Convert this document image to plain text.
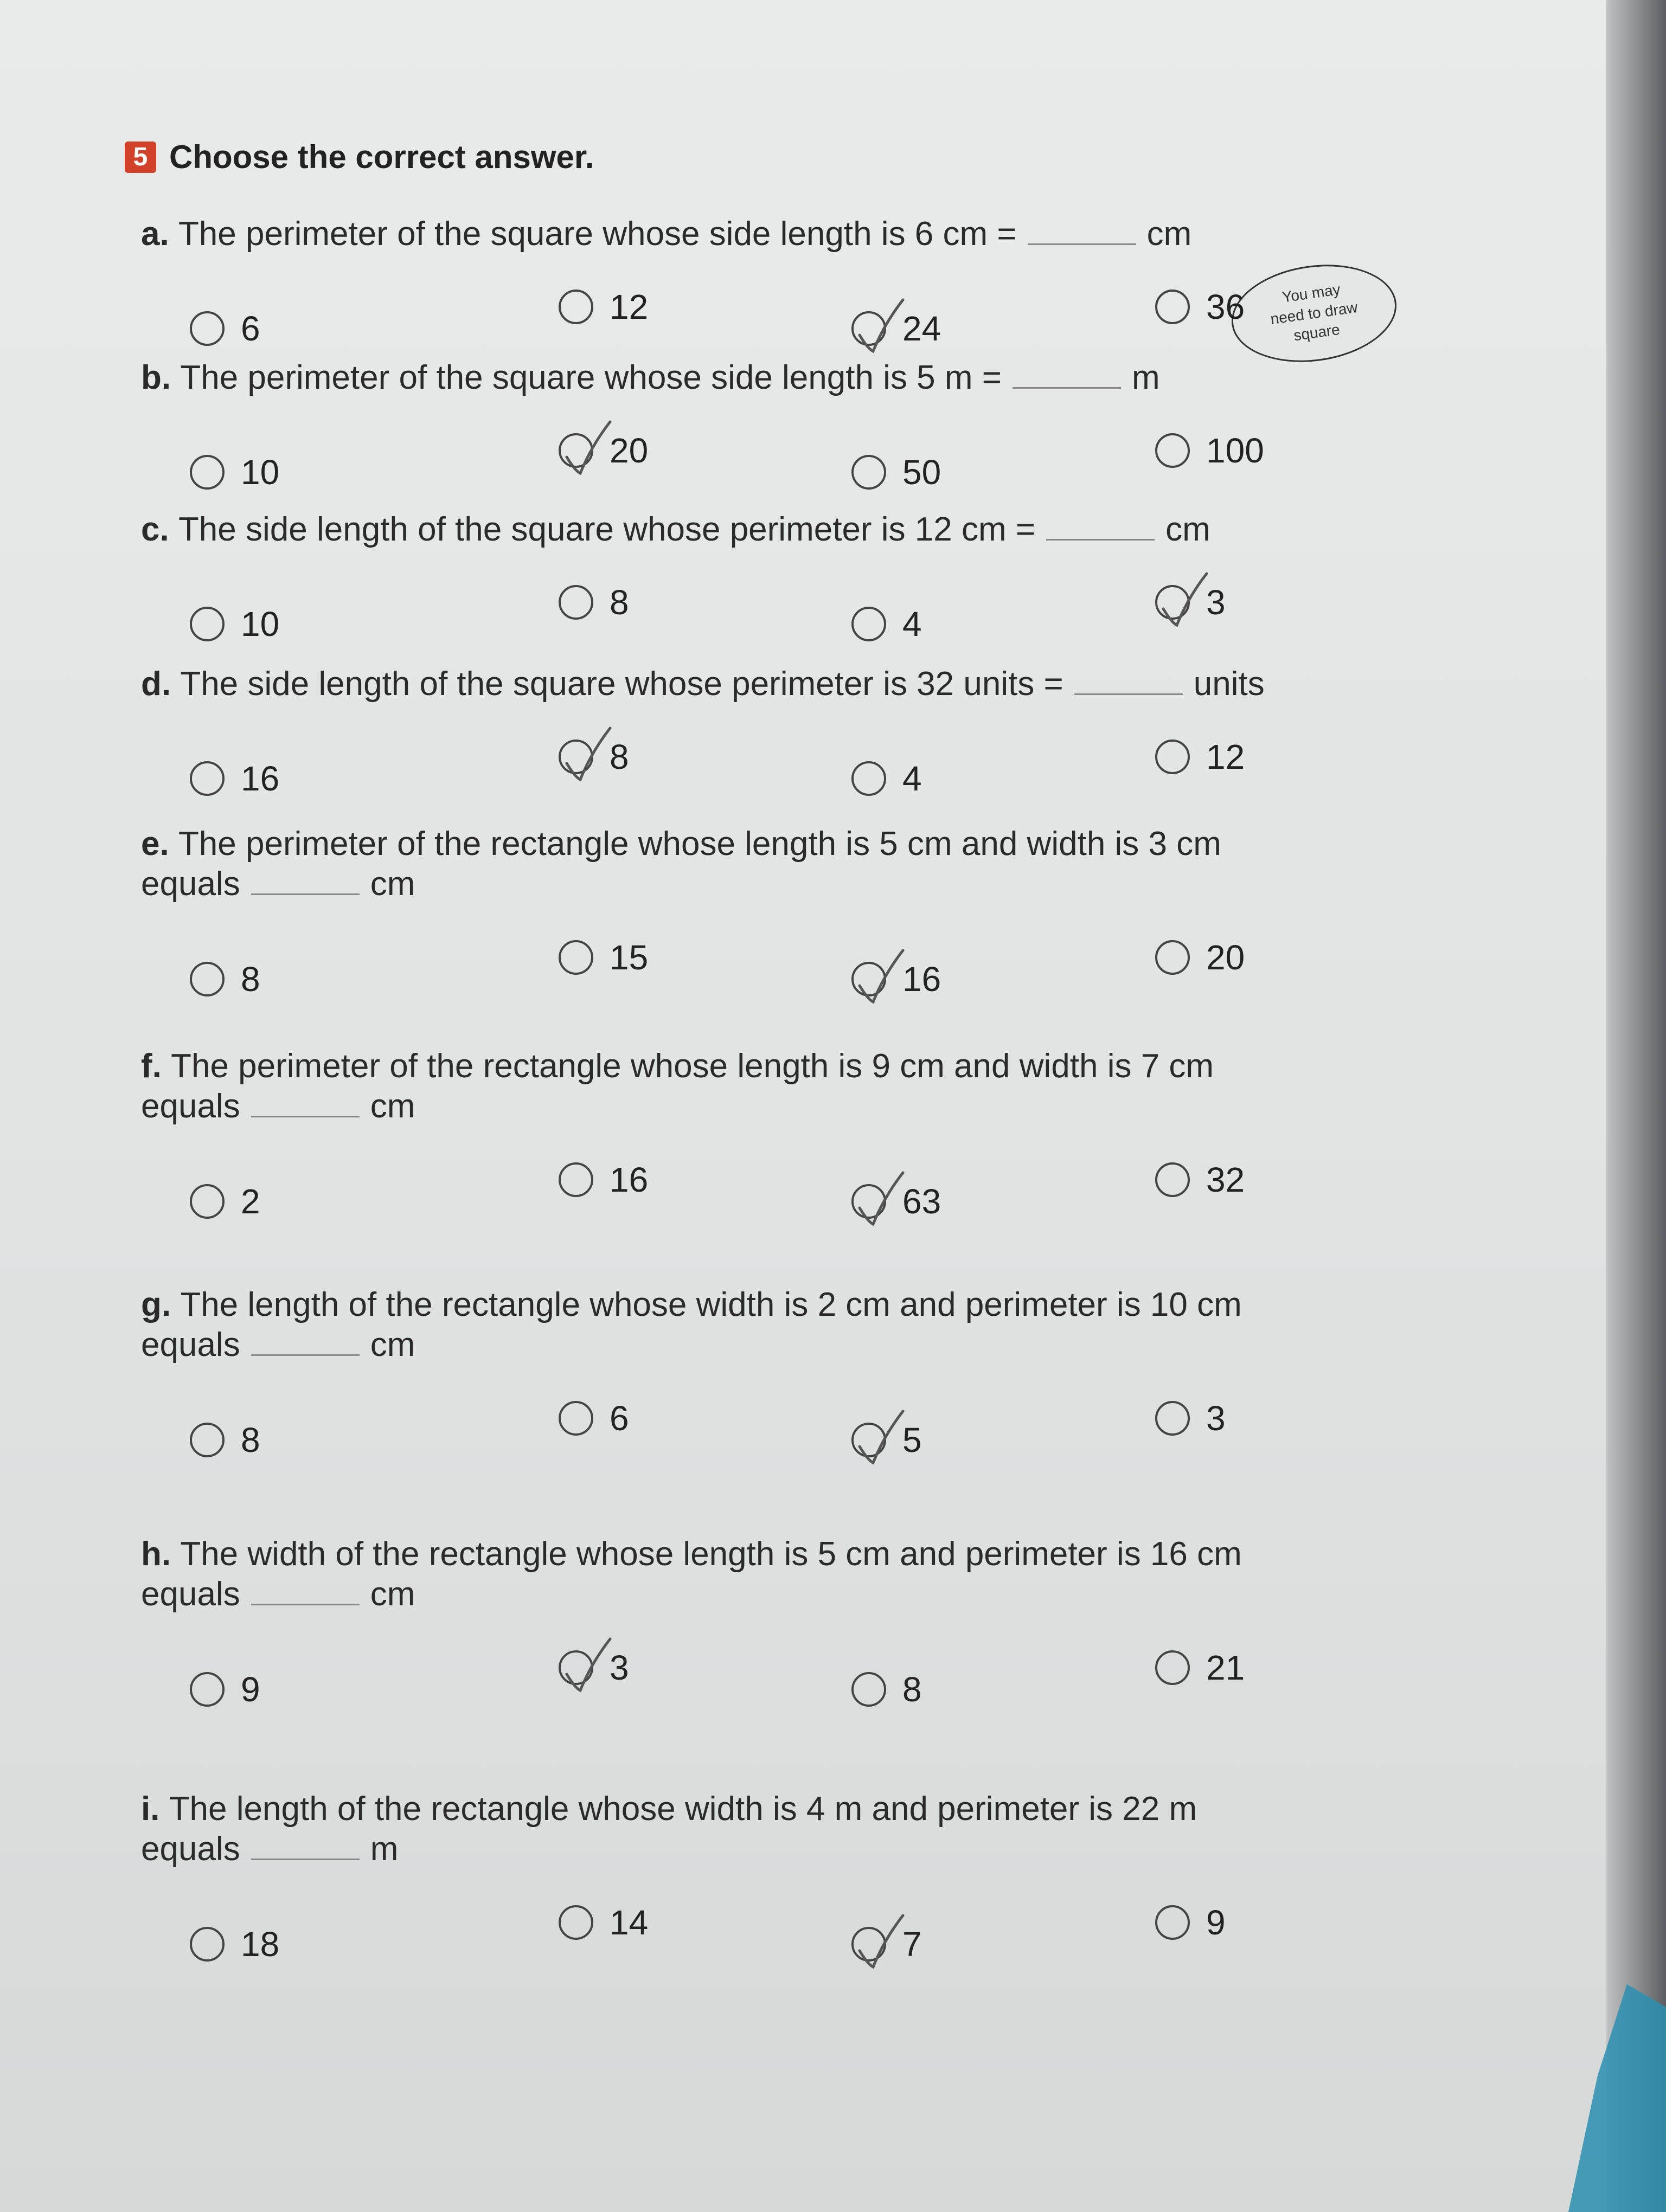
5 Choose the correct answer.
You may
need to draw
square
a. The perimeter of the square whose side length is 6 cm =	cm
6
12
24
36
b. The perimeter of the square whose side length is 5 m =	m
10
20
50
100
c. The side length of the square whose perimeter is 12 cm =	cm
10
8
4
3
d. The side length of the square whose perimeter is 32 units =	units
16
8
4
12
e. The perimeter of the rectangle whose length is 5 cm and width is 3 cm
equals	cm
8
15
16
20
f. The perimeter of the rectangle whose length is 9 cm and width is 7 cm
equals	cm
2
16
63
32
g. The length of the rectangle whose width is 2 cm and perimeter is 10 cm
equals	cm
8
6
5
3
h. The width of the rectangle whose length is 5 cm and perimeter is 16 cm
equals	cm
9
3
8
21
i. The length of the rectangle whose width is 4 m and perimeter is 22 m
equals	m
18
14
7
9
